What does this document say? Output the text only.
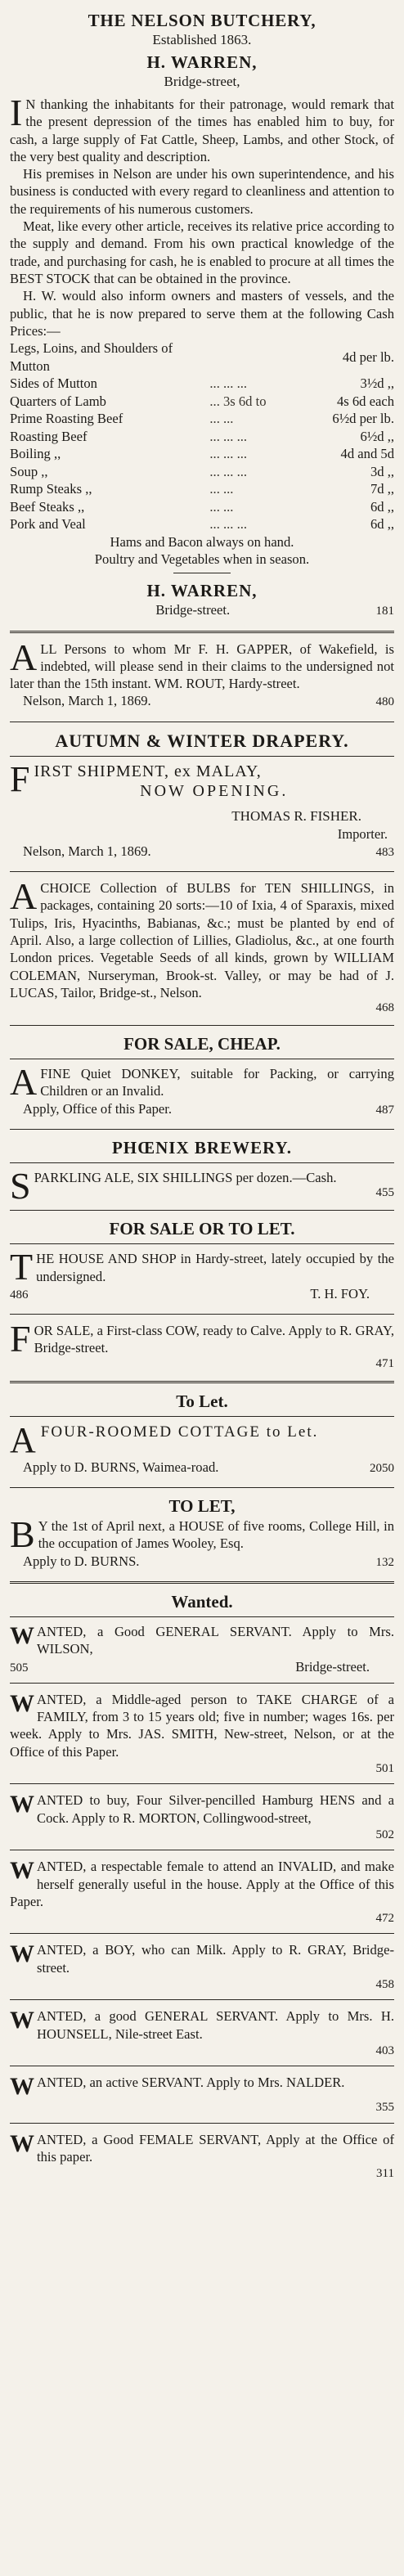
THE NELSON BUTCHERY,
Established 1863.
H. WARREN,
Bridge-street,

I N thanking the inhabitants for their patronage, would remark that the present depression of the times has enabled him to buy, for cash, a large supply of Fat Cattle, Sheep, Lambs, and other Stock, of the very best quality and description.

His premises in Nelson are under his own superintendence, and his business is conducted with every regard to cleanliness and attention to the requirements of his numerous customers.

Meat, like every other article, receives its relative price according to the supply and demand. From his own practical knowledge of the trade, and purchasing for cash, he is enabled to procure at all times the BEST STOCK that can be obtained in the province.

H. W. would also inform owners and masters of vessels, and the public, that he is now prepared to serve them at the following Cash Prices:—

Legs, Loins, and Shoulders of Mutton		4d per lb.
Sides of Mutton	... ... ...	3½d ,,
Quarters of Lamb	... 3s 6d to	4s 6d each
Prime Roasting Beef	... ...	6½d per lb.
Roasting Beef	... ... ...	6½d ,,
Boiling ,,	... ... ...	4d and 5d
Soup ,,	... ... ...	3d ,,
Rump Steaks ,,	... ...	7d ,,
Beef Steaks ,,	... ...	6d ,,
Pork and Veal	... ... ...	6d ,,
Hams and Bacon always on hand.
Poultry and Vegetables when in season.
H. WARREN,
Bridge-street.	181

ALL Persons to whom Mr F. H. GAPPER, of Wakefield, is indebted, will please send in their claims to the undersigned not later than the 15th instant. WM. ROUT, Hardy-street.

Nelson, March 1, 1869.	480
AUTUMN & WINTER DRAPERY.
F IRST SHIPMENT, ex MALAY,
NOW OPENING.
THOMAS R. FISHER.
Importer.
Nelson, March 1, 1869.	483

ACHOICE Collection of BULBS for TEN SHILLINGS, in packages, containing 20 sorts:—10 of Ixia, 4 of Sparaxis, mixed Tulips, Iris, Hyacinths, Babianas, &c.; must be planted by end of April. Also, a large collection of Lillies, Gladiolus, &c., at one fourth London prices. Vegetable Seeds of all kinds, grown by WILLIAM COLEMAN, Nurseryman, Brook-st. Valley, or may be had of J. LUCAS, Tailor, Bridge-st., Nelson.

468
FOR SALE, CHEAP.

AFINE Quiet DONKEY, suitable for Packing, or carrying Children or an Invalid.

Apply, Office of this Paper.	487
PHŒNIX BREWERY.

SPARKLING ALE, SIX SHILLINGS per dozen.—Cash.

455
FOR SALE OR TO LET.

THE HOUSE AND SHOP in Hardy-street, lately occupied by the undersigned.

486	T. H. FOY.

FOR SALE, a First-class COW, ready to Calve. Apply to R. GRAY, Bridge-street.

471
To Let.
A FOUR-ROOMED COTTAGE to Let.
Apply to D. BURNS, Waimea-road.	2050
TO LET,

B Y the 1st of April next, a HOUSE of five rooms, College Hill, in the occupation of James Wooley, Esq.

Apply to D. BURNS.	132
Wanted.

WANTED, a Good GENERAL SERVANT. Apply to Mrs. WILSON,

505	Bridge-street.

WANTED, a Middle-aged person to TAKE CHARGE of a FAMILY, from 3 to 15 years old; five in number; wages 16s. per week. Apply to Mrs. JAS. SMITH, New-street, Nelson, or at the Office of this Paper.

501

WANTED to buy, Four Silver-pencilled Hamburg HENS and a Cock. Apply to R. MORTON, Collingwood-street,

502

WANTED, a respectable female to attend an INVALID, and make herself generally useful in the house. Apply at the Office of this Paper.

472

WANTED, a BOY, who can Milk. Apply to R. GRAY, Bridge-street.

458

WANTED, a good GENERAL SERVANT. Apply to Mrs. H. HOUNSELL, Nile-street East.

403

WANTED, an active SERVANT. Apply to Mrs. NALDER.

355

WANTED, a Good FEMALE SERVANT, Apply at the Office of this paper.

311
